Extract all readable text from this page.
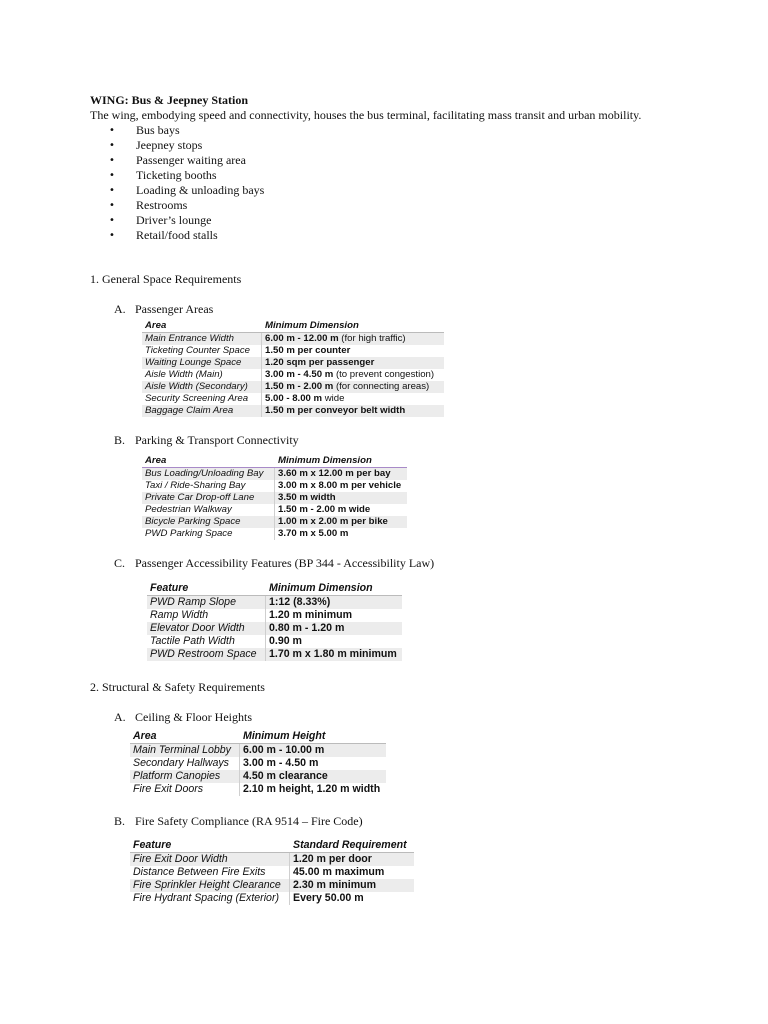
WING: Bus & Jeepney Station
The wing, embodying speed and connectivity, houses the bus terminal, facilitating mass transit and urban mobility.
• Bus bays
• Jeepney stops
• Passenger waiting area
• Ticketing booths
• Loading & unloading bays
• Restrooms
• Driver’s lounge
• Retail/food stalls
1. General Space Requirements
A. Passenger Areas
Area	Minimum Dimension
Main Entrance Width	6.00 m - 12.00 m (for high traffic)
Ticketing Counter Space	1.50 m per counter
Waiting Lounge Space	1.20 sqm per passenger
Aisle Width (Main)	3.00 m - 4.50 m (to prevent congestion)
Aisle Width (Secondary)	1.50 m - 2.00 m (for connecting areas)
Security Screening Area	5.00 - 8.00 m wide
Baggage Claim Area	1.50 m per conveyor belt width
B. Parking & Transport Connectivity
Area	Minimum Dimension
Bus Loading/Unloading Bay	3.60 m x 12.00 m per bay
Taxi / Ride-Sharing Bay	3.00 m x 8.00 m per vehicle
Private Car Drop-off Lane	3.50 m width
Pedestrian Walkway	1.50 m - 2.00 m wide
Bicycle Parking Space	1.00 m x 2.00 m per bike
PWD Parking Space	3.70 m x 5.00 m
C. Passenger Accessibility Features (BP 344 - Accessibility Law)
Feature	Minimum Dimension
PWD Ramp Slope	1:12 (8.33%)
Ramp Width	1.20 m minimum
Elevator Door Width	0.80 m - 1.20 m
Tactile Path Width	0.90 m
PWD Restroom Space	1.70 m x 1.80 m minimum
2. Structural & Safety Requirements
A. Ceiling & Floor Heights
Area	Minimum Height
Main Terminal Lobby	6.00 m - 10.00 m
Secondary Hallways	3.00 m - 4.50 m
Platform Canopies	4.50 m clearance
Fire Exit Doors	2.10 m height, 1.20 m width
B. Fire Safety Compliance (RA 9514 – Fire Code)
Feature	Standard Requirement
Fire Exit Door Width	1.20 m per door
Distance Between Fire Exits	45.00 m maximum
Fire Sprinkler Height Clearance	2.30 m minimum
Fire Hydrant Spacing (Exterior)	Every 50.00 m
